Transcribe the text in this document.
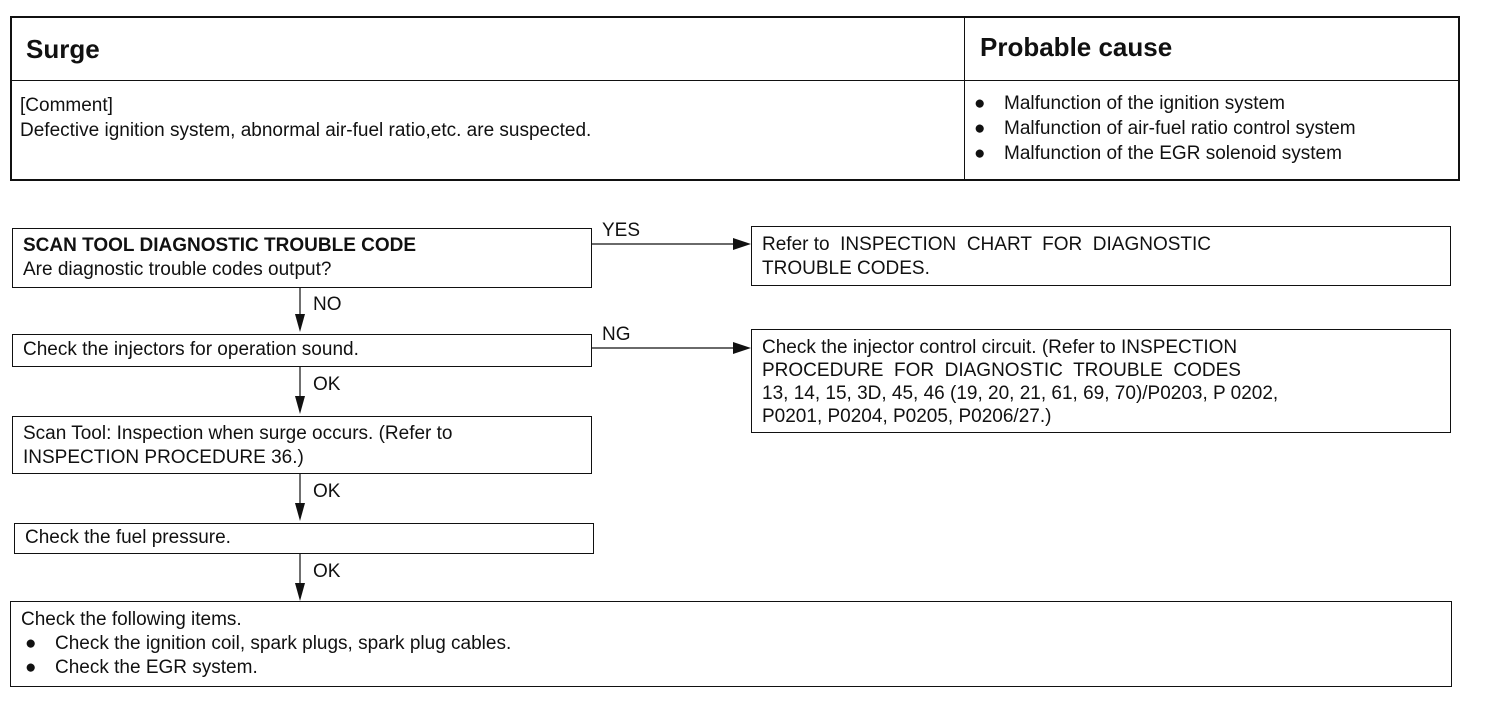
Surge	Probable cause
[Comment]
Defective ignition system, abnormal air-fuel ratio,etc. are suspected.
● Malfunction of the ignition system
● Malfunction of air-fuel ratio control system
● Malfunction of the EGR solenoid system
SCAN TOOL DIAGNOSTIC TROUBLE CODE
Are diagnostic trouble codes output?
YES
Refer to  INSPECTION  CHART  FOR  DIAGNOSTIC
TROUBLE CODES.
NO
Check the injectors for operation sound.
NG
Check the injector control circuit. (Refer to INSPECTION
PROCEDURE  FOR  DIAGNOSTIC  TROUBLE  CODES
13, 14, 15, 3D, 45, 46 (19, 20, 21, 61, 69, 70)/P0203, P 0202,
P0201, P0204, P0205, P0206/27.)
OK
Scan Tool: Inspection when surge occurs. (Refer to
INSPECTION PROCEDURE 36.)
OK
Check the fuel pressure.
OK
Check the following items.
● Check the ignition coil, spark plugs, spark plug cables.
● Check the EGR system.
